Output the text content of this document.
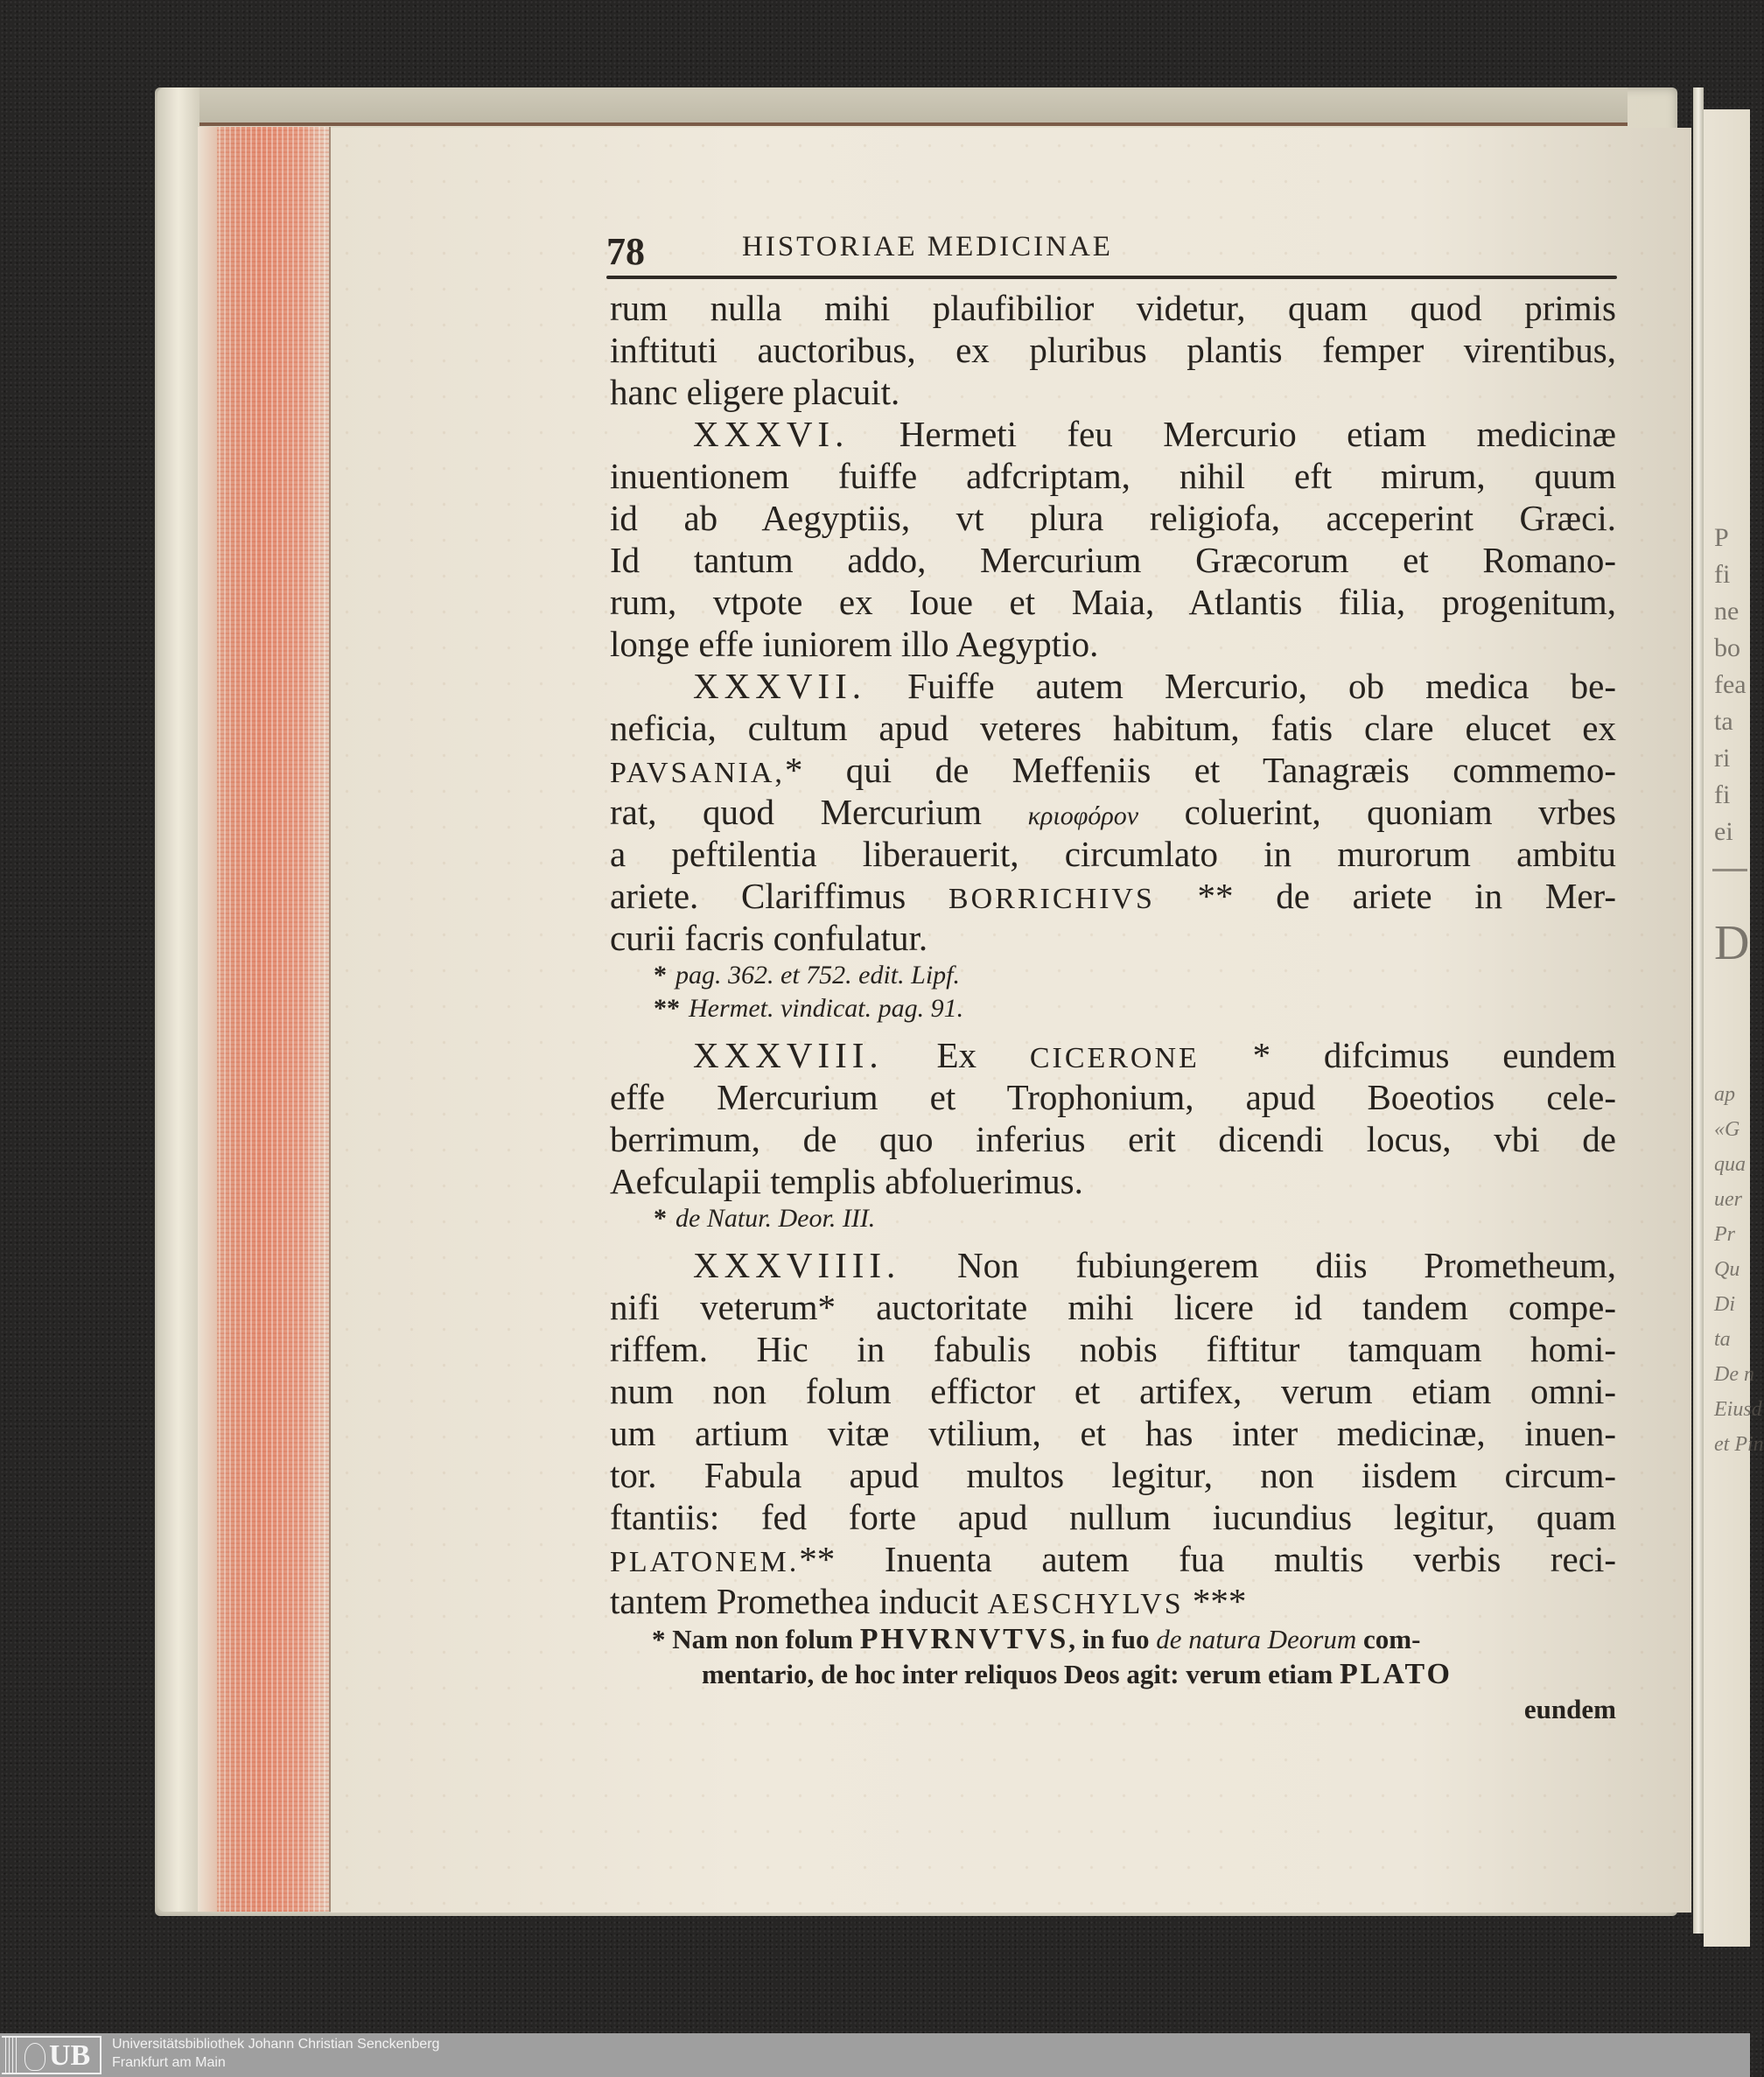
P
fi
ne
bo
fea
ta
ri
fi
ei
D
ap
«G
qua
uer
Pr
Qu
Di
ta
De n
Eiusd
et Pin
78	HISTORIAE MEDICINAE
rum nulla mihi plaufibilior videtur, quam quod primis
inftituti auctoribus, ex pluribus plantis femper virentibus,
hanc eligere placuit.
XXXVI. Hermeti feu Mercurio etiam medicinæ
inuentionem fuiffe adfcriptam, nihil eft mirum, quum
id ab Aegyptiis, vt plura religiofa, acceperint Græci.
Id tantum addo, Mercurium Græcorum et Romano-
rum, vtpote ex Ioue et Maia, Atlantis filia, progenitum,
longe effe iuniorem illo Aegyptio.
XXXVII. Fuiffe autem Mercurio, ob medica be-
neficia, cultum apud veteres habitum, fatis clare elucet ex
PAVSANIA,* qui de Meffeniis et Tanagræis commemo-
rat, quod Mercurium κριοφόρον coluerint, quoniam vrbes
a peftilentia liberauerit, circumlato in murorum ambitu
ariete. Clariffimus BORRICHIVS ** de ariete in Mer-
curii facris confulatur.
* pag. 362. et 752. edit. Lipf.
** Hermet. vindicat. pag. 91.
XXXVIII. Ex CICERONE * difcimus eundem
effe Mercurium et Trophonium, apud Boeotios cele-
berrimum, de quo inferius erit dicendi locus, vbi de
Aefculapii templis abfoluerimus.
* de Natur. Deor. III.
XXXVIIII. Non fubiungerem diis Prometheum,
nifi veterum* auctoritate mihi licere id tandem compe-
riffem. Hic in fabulis nobis fiftitur tamquam homi-
num non folum effictor et artifex, verum etiam omni-
um artium vitæ vtilium, et has inter medicinæ, inuen-
tor. Fabula apud multos legitur, non iisdem circum-
ftantiis: fed forte apud nullum iucundius legitur, quam
PLATONEM.** Inuenta autem fua multis verbis reci-
tantem Promethea inducit AESCHYLVS ***
* Nam non folum PHVRNVTVS, in fuo de natura Deorum com-
mentario, de hoc inter reliquos Deos agit: verum etiam PLATO
eundem
UB Universitätsbibliothek Johann Christian Senckenberg
Frankfurt am Main
